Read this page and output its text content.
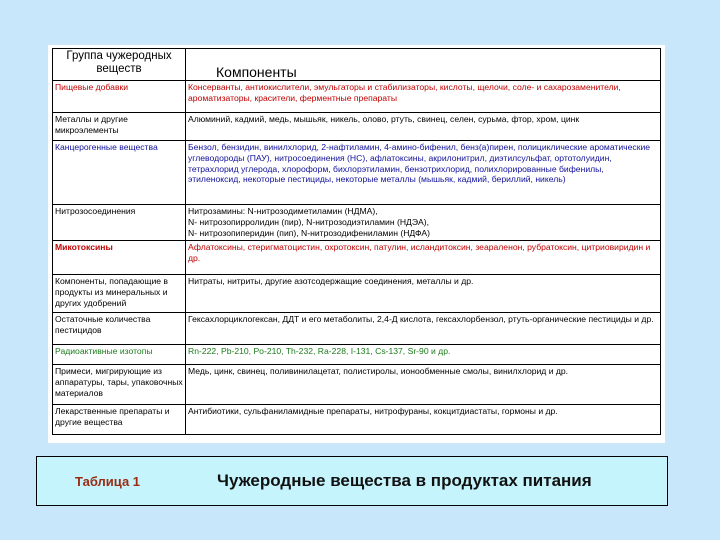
Группа чужеродных веществ	Компоненты
Пищевые добавки	Консерванты, антиокислители, эмульгаторы и стабилизаторы, кислоты, щелочи, соле- и сахарозаменители, ароматизаторы, красители, ферментные препараты
Металлы и другие микроэлементы	Алюминий, кадмий, медь, мышьяк, никель, олово, ртуть, свинец, селен, сурьма, фтор, хром, цинк
Канцерогенные вещества	Бензол, бензидин, винилхлорид, 2-нафтиламин, 4-амино-бифенил, бенз(а)пирен, полициклические ароматические углеводороды (ПАУ), нитросоединения (НС), афлатоксины, акрилонитрил, диэтилсульфат, ортотолуидин, тетрахлорид углерода, хлороформ, бихлорэтиламин, бензотрихлорид, полихлорированные бифенилы, этиленоксид, некоторые пестициды, некоторые металлы (мышьяк, кадмий, бериллий, никель)
Нитрозосоединения	Нитрозамины: N-нитрозодиметиламин (НДМА),
N- нитрозопирролидин (пир), N-нитрозодиэтиламин (НДЭА),
N- нитрозопиперидин (пип), N-нитрозодифениламин (НДФА)

Микотоксины	Афлатоксины, стеригматоцистин, охротоксин, патулин, исландитоксин, зеараленон, рубратоксин, цитриовиридин и др.
Компоненты, попадающие в продукты из минеральных и других удобрений	Нитраты, нитриты, другие азотсодержащие соединения, металлы и др.
Остаточные количества пестицидов	Гексахлорциклогексан, ДДТ и его метаболиты, 2,4-Д кислота, гексахлорбензол, ртуть-органические пестициды и др.
Радиоактивные изотопы	Rn-222, Pb-210, Po-210, Th-232, Ra-228, I-131, Cs-137, Sr-90 и др.
Примеси, мигрирующие из аппаратуры, тары, упаковочных материалов	Медь, цинк, свинец, поливинилацетат, полистиролы, ионообменные смолы, винилхлорид и др.
Лекарственные препараты и другие вещества	Антибиотики, сульфаниламидные препараты, нитрофураны, кокцитдиастаты, гормоны и др.
Таблица 1	Чужеродные вещества в продуктах питания
